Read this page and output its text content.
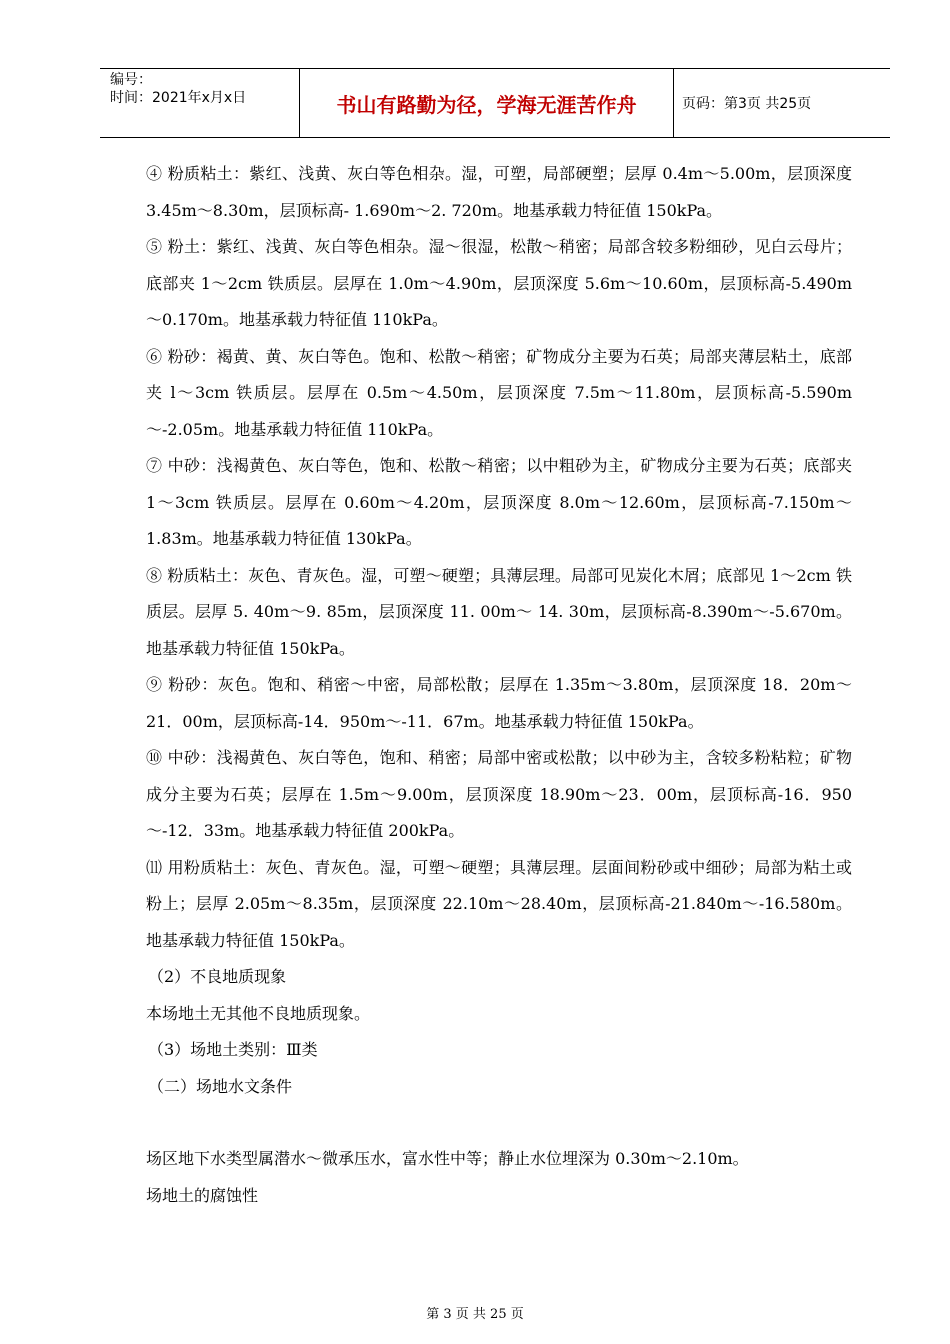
编号：
时间：2021年x月x日	书山有路勤为径，学海无涯苦作舟	页码：第3页 共25页

④ 粉质粘土：紫红、浅黄、灰白等色相杂。湿，可塑，局部硬塑；层厚 0.4m～5.00m，层顶深度 3.45m～8.30m，层顶标高- 1.690m～2. 720m。地基承载力特征值 150kPa。

⑤ 粉土：紫红、浅黄、灰白等色相杂。湿～很湿，松散～稍密；局部含较多粉细砂，见白云母片；底部夹 1～2cm 铁质层。层厚在 1.0m～4.90m，层顶深度 5.6m～10.60m，层顶标高-5.490m～0.170m。地基承载力特征值 110kPa。

⑥ 粉砂：褐黄、黄、灰白等色。饱和、松散～稍密；矿物成分主要为石英；局部夹薄层粘土，底部夹 l～3cm 铁质层。层厚在 0.5m～4.50m，层顶深度 7.5m～11.80m，层顶标高-5.590m～-2.05m。地基承载力特征值 110kPa。

⑦ 中砂：浅褐黄色、灰白等色，饱和、松散～稍密；以中粗砂为主，矿物成分主要为石英；底部夹 1～3cm 铁质层。层厚在 0.60m～4.20m，层顶深度 8.0m～12.60m，层顶标高-7.150m～1.83m。地基承载力特征值 130kPa。

⑧ 粉质粘土：灰色、青灰色。湿，可塑～硬塑；具薄层理。局部可见炭化木屑；底部见 1～2cm 铁质层。层厚 5. 40m～9. 85m，层顶深度 11. 00m～ 14. 30m，层顶标高-8.390m～-5.670m。地基承载力特征值 150kPa。

⑨ 粉砂：灰色。饱和、稍密～中密，局部松散；层厚在 1.35m～3.80m，层顶深度 18．20m～21．00m，层顶标高-14．950m～-11．67m。地基承载力特征值 150kPa。

⑩ 中砂：浅褐黄色、灰白等色，饱和、稍密；局部中密或松散；以中砂为主，含较多粉粘粒；矿物成分主要为石英；层厚在 1.5m～9.00m，层顶深度 18.90m～23．00m，层顶标高-16．950～-12．33m。地基承载力特征值 200kPa。

⑾ 用粉质粘土：灰色、青灰色。湿，可塑～硬塑；具薄层理。层面间粉砂或中细砂；局部为粘土或粉上；层厚 2.05m～8.35m，层顶深度 22.10m～28.40m，层顶标高-21.840m～-16.580m。地基承载力特征值 150kPa。

（2）不良地质现象

本场地土无其他不良地质现象。

（3）场地土类别：Ⅲ类

（二）场地水文条件

场区地下水类型属潜水～微承压水，富水性中等；静止水位埋深为 0.30m～2.10m。

场地土的腐蚀性

第 3 页 共 25 页
